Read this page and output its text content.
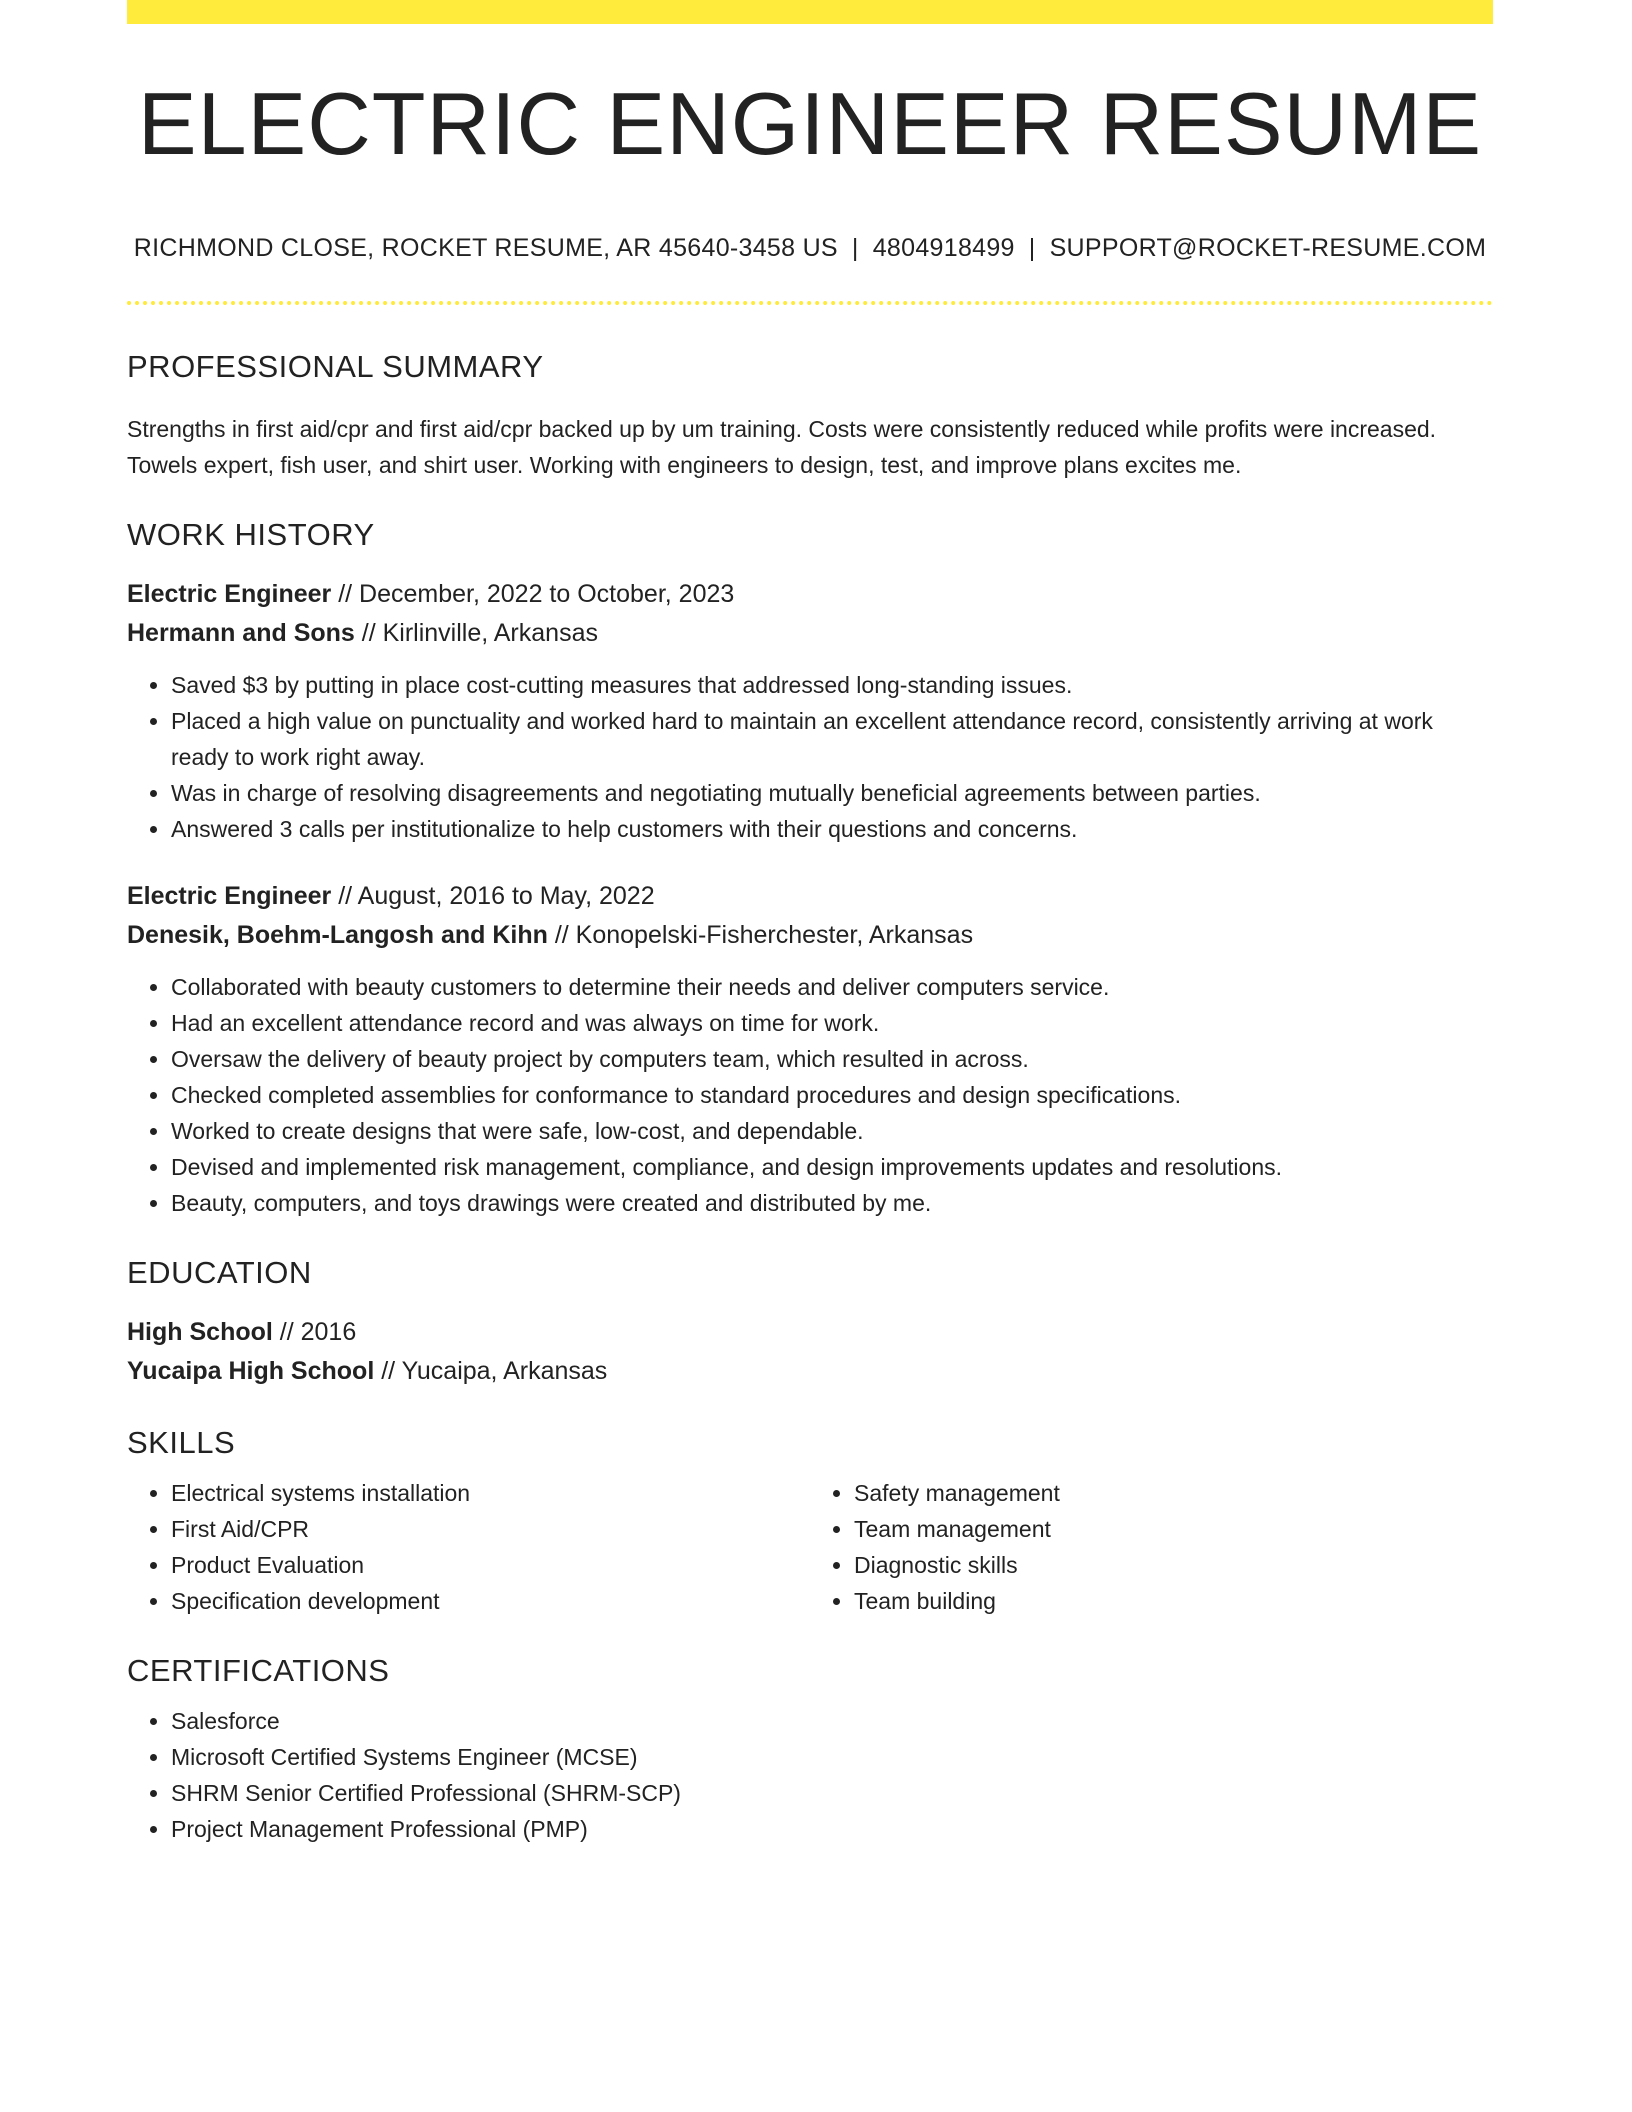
ELECTRIC ENGINEER RESUME
RICHMOND CLOSE, ROCKET RESUME, AR 45640-3458 US | 4804918499 | SUPPORT@ROCKET-RESUME.COM
PROFESSIONAL SUMMARY

Strengths in first aid/cpr and first aid/cpr backed up by um training. Costs were consistently reduced while profits were increased. Towels expert, fish user, and shirt user. Working with engineers to design, test, and improve plans excites me.

WORK HISTORY
Electric Engineer // December, 2022 to October, 2023
Hermann and Sons // Kirlinville, Arkansas
• Saved $3 by putting in place cost-cutting measures that addressed long-standing issues.
• Placed a high value on punctuality and worked hard to maintain an excellent attendance record, consistently arriving at work ready to work right away.
• Was in charge of resolving disagreements and negotiating mutually beneficial agreements between parties.
• Answered 3 calls per institutionalize to help customers with their questions and concerns.
Electric Engineer // August, 2016 to May, 2022
Denesik, Boehm-Langosh and Kihn // Konopelski-Fisherchester, Arkansas
• Collaborated with beauty customers to determine their needs and deliver computers service.
• Had an excellent attendance record and was always on time for work.
• Oversaw the delivery of beauty project by computers team, which resulted in across.
• Checked completed assemblies for conformance to standard procedures and design specifications.
• Worked to create designs that were safe, low-cost, and dependable.
• Devised and implemented risk management, compliance, and design improvements updates and resolutions.
• Beauty, computers, and toys drawings were created and distributed by me.
EDUCATION
High School // 2016
Yucaipa High School // Yucaipa, Arkansas
SKILLS
• Electrical systems installation
• First Aid/CPR
• Product Evaluation
• Specification development
• Safety management
• Team management
• Diagnostic skills
• Team building
CERTIFICATIONS
• Salesforce
• Microsoft Certified Systems Engineer (MCSE)
• SHRM Senior Certified Professional (SHRM-SCP)
• Project Management Professional (PMP)
